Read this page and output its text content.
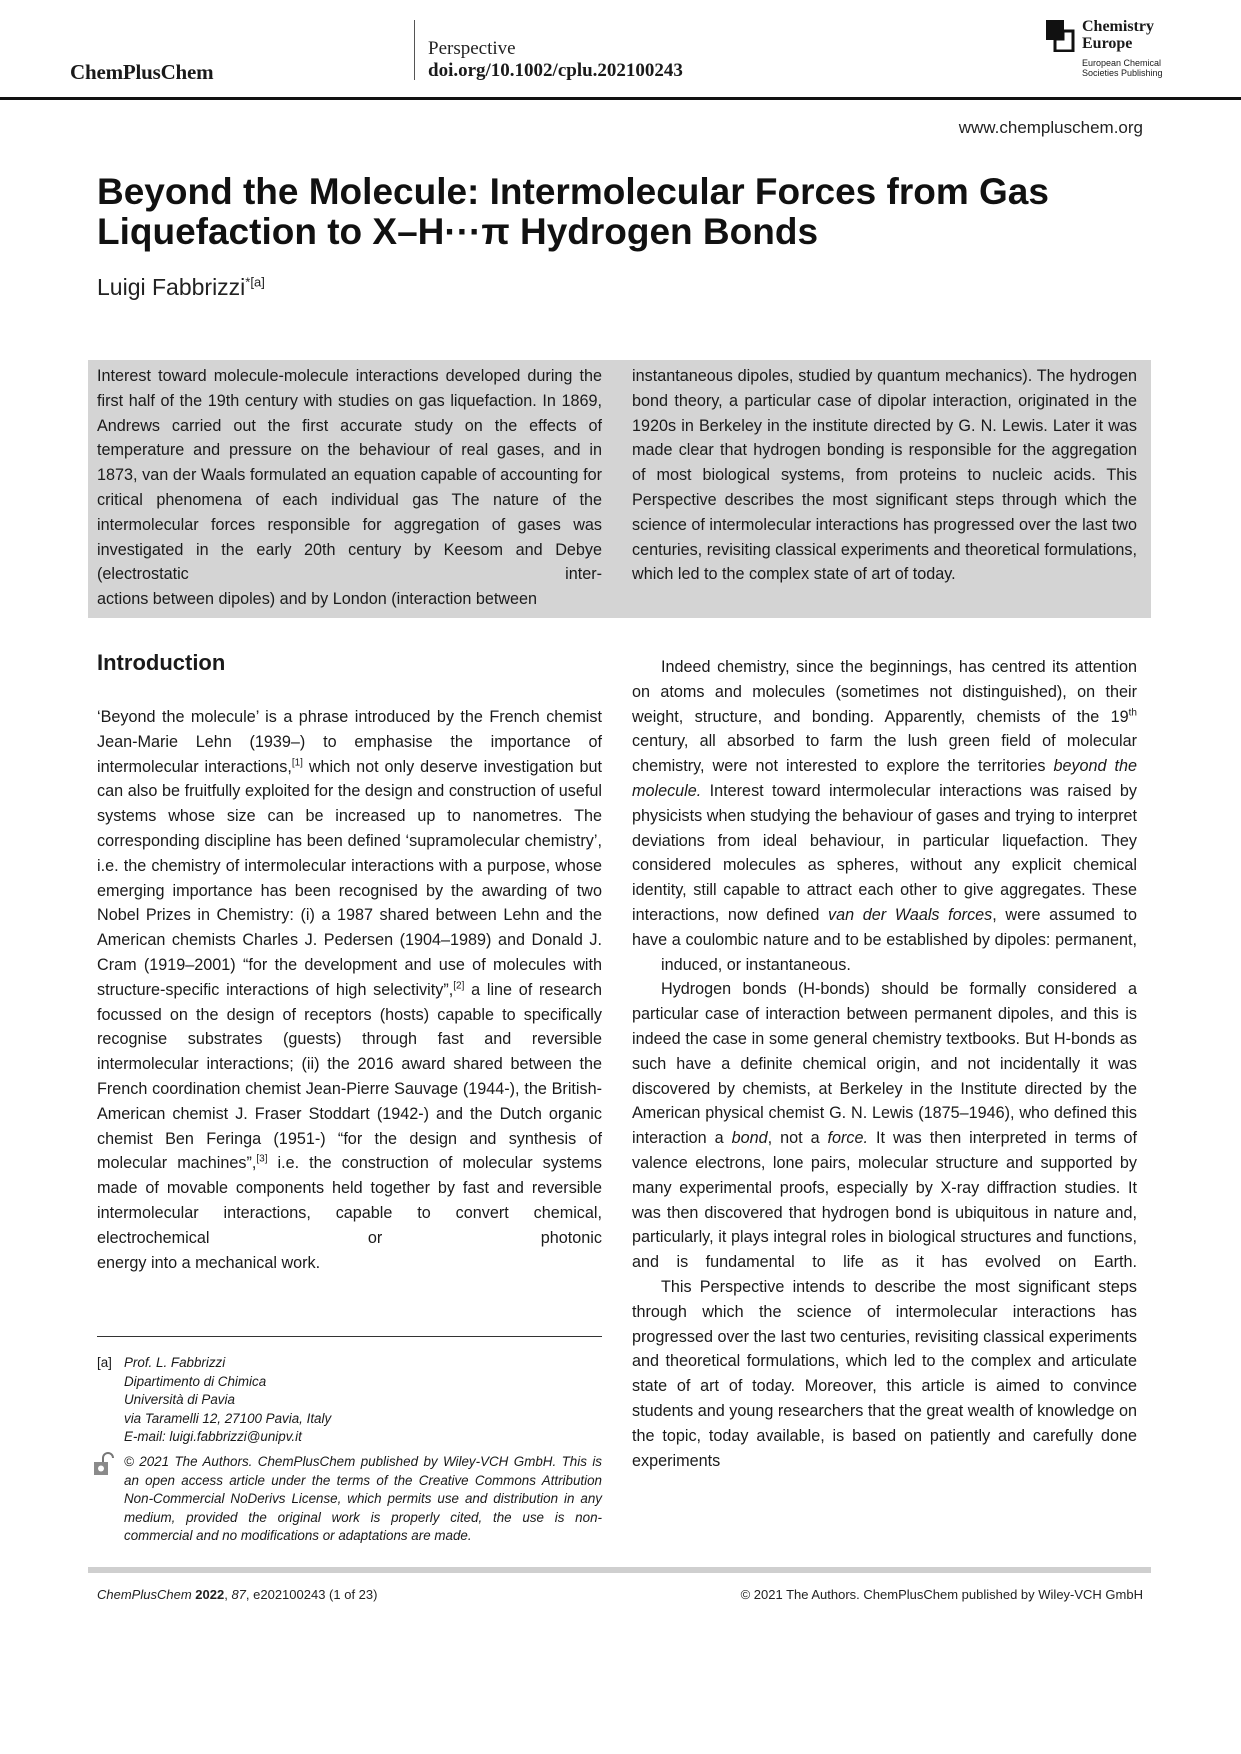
ChemPlusChem
Perspective
doi.org/10.1002/cplu.202100243
Chemistry
Europe
European Chemical
Societies Publishing
www.chempluschem.org
Beyond the Molecule: Intermolecular Forces from Gas
Liquefaction to X–H···π Hydrogen Bonds
Luigi Fabbrizzi$^{*[a]}$
Interest toward molecule-molecule interactions developed during the first half of the 19th century with studies on gas liquefaction. In 1869, Andrews carried out the first accurate study on the effects of temperature and pressure on the behaviour of real gases, and in 1873, van der Waals formulated an equation capable of accounting for critical phenomena of each individual gas The nature of the intermolecular forces responsible for aggregation of gases was investigated in the early 20th century by Keesom and Debye (electrostatic inter-
actions between dipoles) and by London (interaction between
instantaneous dipoles, studied by quantum mechanics). The hydrogen bond theory, a particular case of dipolar interaction, originated in the 1920s in Berkeley in the institute directed by G. N. Lewis. Later it was made clear that hydrogen bonding is responsible for the aggregation of most biological systems, from proteins to nucleic acids. This Perspective describes the most significant steps through which the science of intermolecular interactions has progressed over the last two centuries, revisiting classical experiments and theoretical formulations,
which led to the complex state of art of today.
Introduction
‘Beyond the molecule’ is a phrase introduced by the French chemist Jean-Marie Lehn (1939–) to emphasise the importance of intermolecular interactions,[1] which not only deserve investigation but can also be fruitfully exploited for the design and construction of useful systems whose size can be increased up to nanometres. The corresponding discipline has been defined ‘supramolecular chemistry’, i.e. the chemistry of intermolecular interactions with a purpose, whose emerging importance has been recognised by the awarding of two Nobel Prizes in Chemistry: (i) a 1987 shared between Lehn and the American chemists Charles J. Pedersen (1904–1989) and Donald J. Cram (1919–2001) “for the development and use of molecules with structure-specific interactions of high selectivity”,[2] a line of research focussed on the design of receptors (hosts) capable to specifically recognise substrates (guests) through fast and reversible intermolecular interactions; (ii) the 2016 award shared between the French coordination chemist Jean-Pierre Sauvage (1944-), the British-American chemist J. Fraser Stoddart (1942-) and the Dutch organic chemist Ben Feringa (1951-) “for the design and synthesis of molecular machines”,[3] i.e. the construction of molecular systems made of movable components held together by fast and reversible intermolecular interactions, capable to convert chemical, electrochemical or photonic
energy into a mechanical work.

Indeed chemistry, since the beginnings, has centred its attention on atoms and molecules (sometimes not distinguished), on their weight, structure, and bonding. Apparently, chemists of the 19th century, all absorbed to farm the lush green field of molecular chemistry, were not interested to explore the territories beyond the molecule. Interest toward intermolecular interactions was raised by physicists when studying the behaviour of gases and trying to interpret deviations from ideal behaviour, in particular liquefaction. They considered molecules as spheres, without any explicit chemical identity, still capable to attract each other to give aggregates. These interactions, now defined van der Waals forces, were assumed to have a coulombic nature and to be established by dipoles: permanent,
induced, or instantaneous.

Hydrogen bonds (H-bonds) should be formally considered a particular case of interaction between permanent dipoles, and this is indeed the case in some general chemistry textbooks. But H-bonds as such have a definite chemical origin, and not incidentally it was discovered by chemists, at Berkeley in the Institute directed by the American physical chemist G. N. Lewis (1875–1946), who defined this interaction a bond, not a force. It was then interpreted in terms of valence electrons, lone pairs, molecular structure and supported by many experimental proofs, especially by X-ray diffraction studies. It was then discovered that hydrogen bond is ubiquitous in nature and, particularly, it plays integral roles in biological structures and functions, and is fundamental to life as it has evolved on Earth.

This Perspective intends to describe the most significant steps through which the science of intermolecular interactions has progressed over the last two centuries, revisiting classical experiments and theoretical formulations, which led to the complex and articulate state of art of today. Moreover, this article is aimed to convince students and young researchers that the great wealth of knowledge on the topic, today available, is based on patiently and carefully done experiments

[a] Prof. L. Fabbrizzi
Dipartimento di Chimica
Università di Pavia
via Taramelli 12, 27100 Pavia, Italy
E-mail: luigi.fabbrizzi@unipv.it
© 2021 The Authors. ChemPlusChem published by Wiley-VCH GmbH. This is an open access article under the terms of the Creative Commons Attribution Non-Commercial NoDerivs License, which permits use and distribution in any medium, provided the original work is properly cited, the use is non-
commercial and no modifications or adaptations are made.
ChemPlusChem 2022, 87, e202100243 (1 of 23)	© 2021 The Authors. ChemPlusChem published by Wiley-VCH GmbH
